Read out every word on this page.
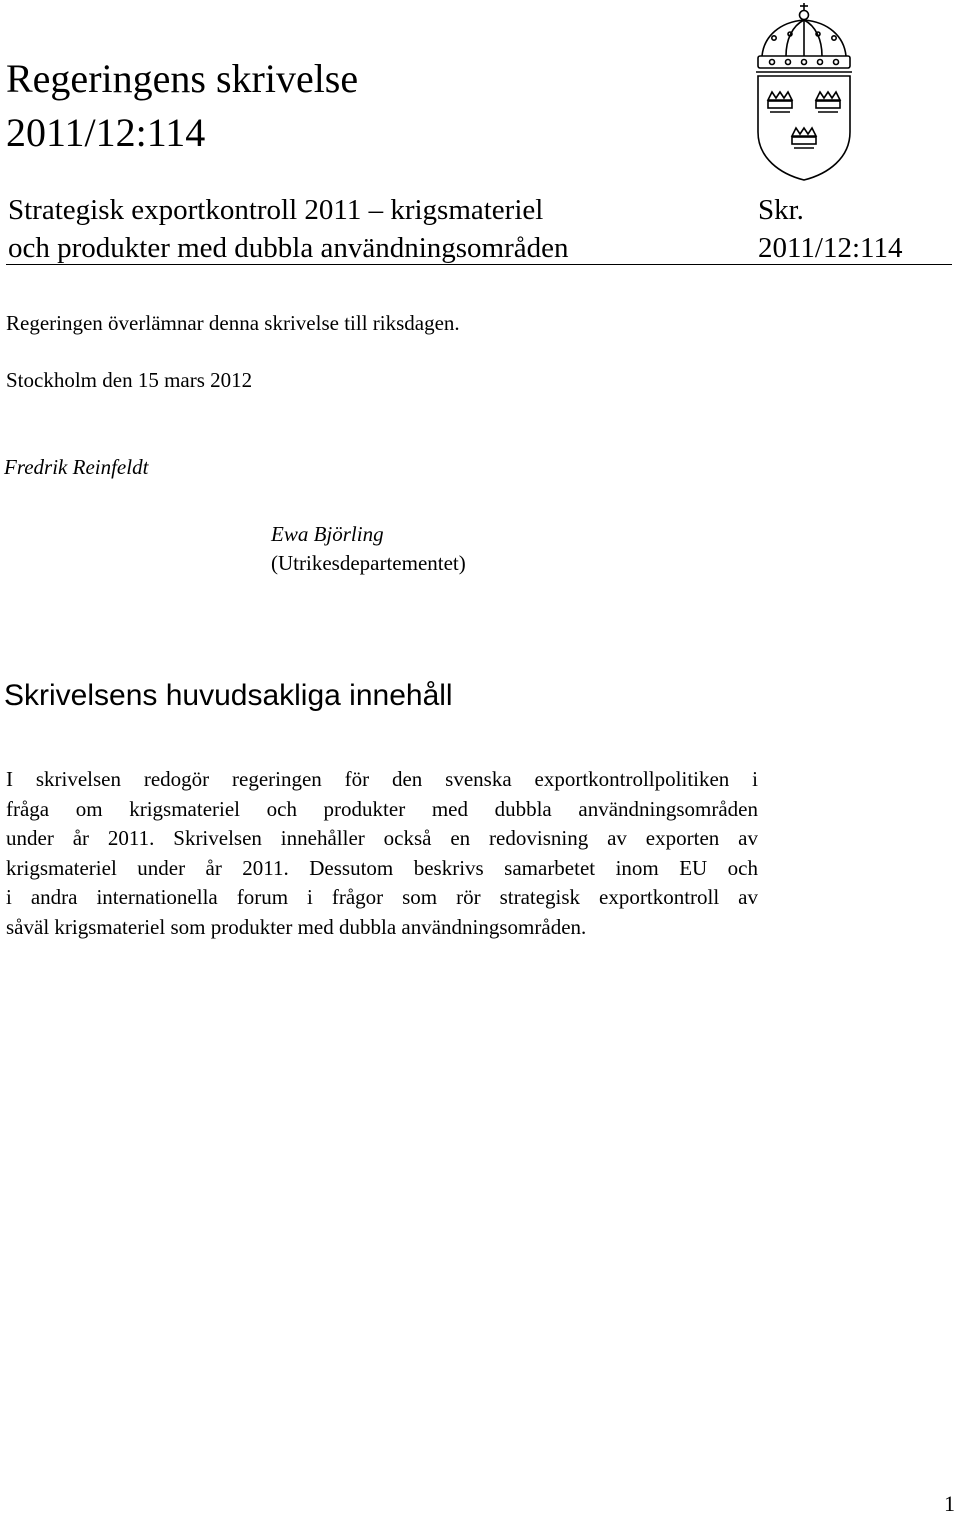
Regeringens skrivelse
2011/12:114
Strategisk exportkontroll 2011 – krigsmateriel
och produkter med dubbla användningsområden
Skr.
2011/12:114

Regeringen överlämnar denna skrivelse till riksdagen.

Stockholm den 15 mars 2012

Fredrik Reinfeldt

Ewa Björling
(Utrikesdepartementet)
Skrivelsens huvudsakliga innehåll
I skrivelsen redogör regeringen för den svenska exportkontrollpolitiken i
fråga om krigsmateriel och produkter med dubbla användningsområden
under år 2011. Skrivelsen innehåller också en redovisning av exporten av
krigsmateriel under år 2011. Dessutom beskrivs samarbetet inom EU och
i andra internationella forum i frågor som rör strategisk exportkontroll av
såväl krigsmateriel som produkter med dubbla användningsområden.

1
